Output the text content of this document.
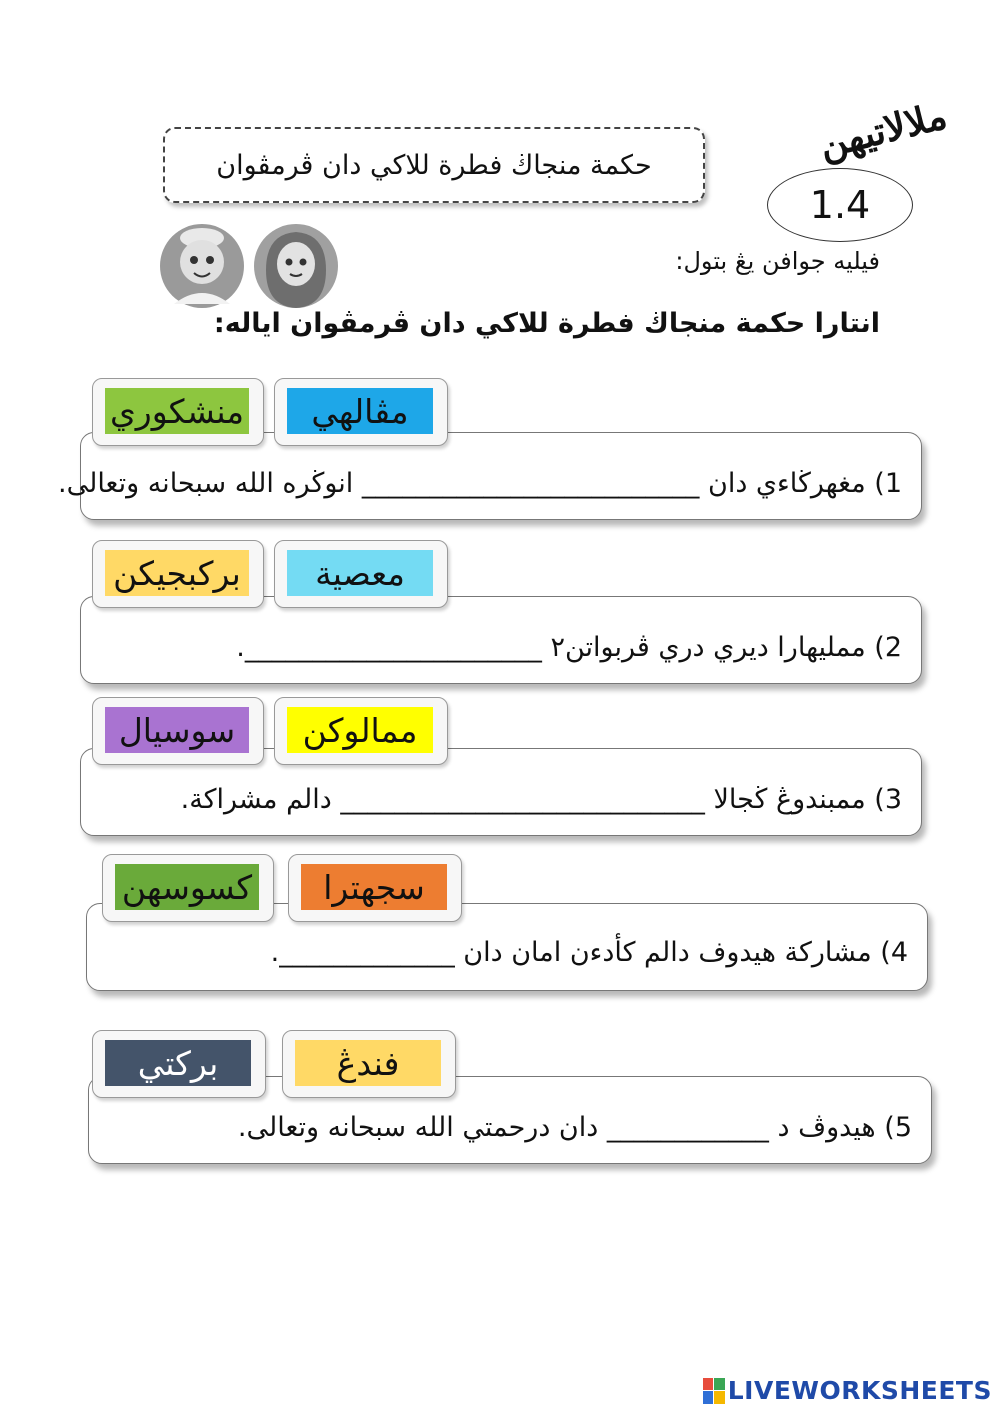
حكمة منجاڬ فطرة للاكي دان ڤرمڤوان
ﻣﻼلاتيهن
1.4
فيليه جوافن يڠ بتول:
انتارا حكمة منجاڬ فطرة للاكي دان ڤرمڤوان اياله:
1) مغهرڬاءي دان _________________________ انوڬره الله سبحانه وتعالى.
مڤالهي
منشكوري
2) ممليهارا ديري دري ڤربواتن٢ ______________________.
معصية
بركبجيكن
3) ممبندوڠ ڬجالا ___________________________ دالم مشراكة.
ممالوكن
سوسيال
4) مشاركة هيدوف دالم كأدءن امان دان _____________.
سجهترا
كسوسهن
5) هيدوڤ د ____________ دان درحمتي الله سبحانه وتعالى.
فندڠ
بركتي
LIVEWORKSHEETS
